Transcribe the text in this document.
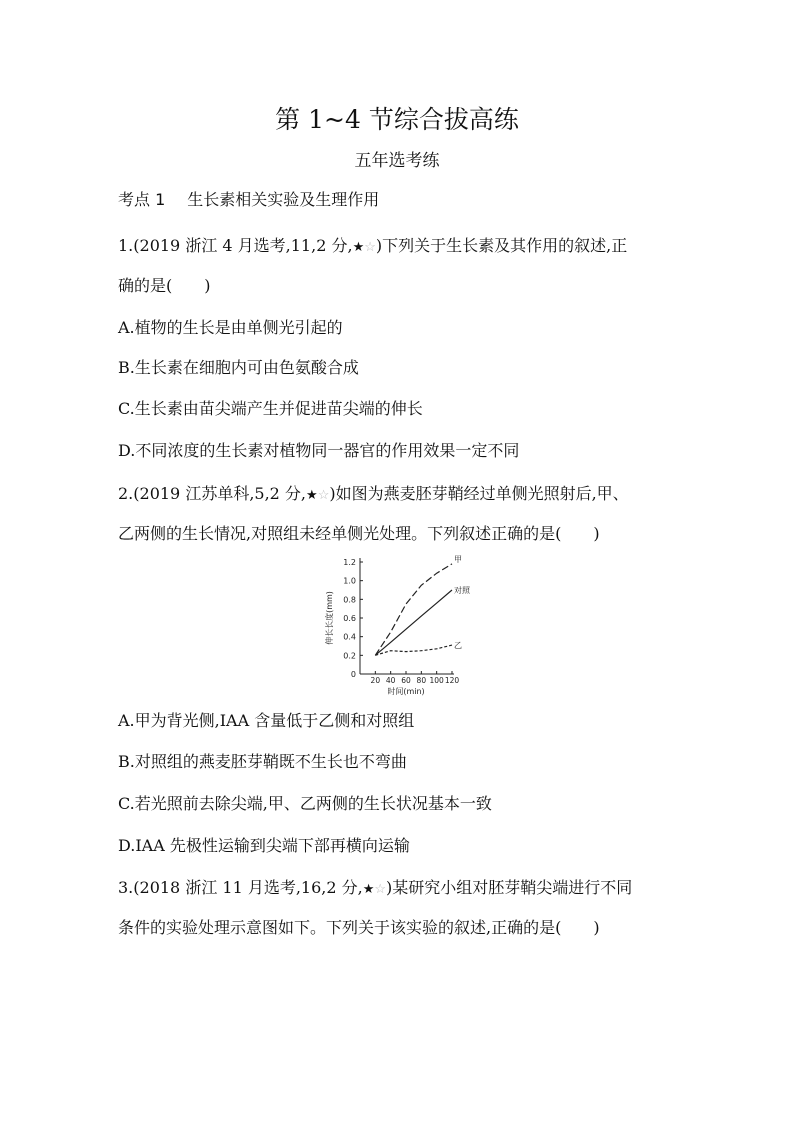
第 1~4 节综合拔高练
五年选考练
考点 1 生长素相关实验及生理作用
1.(2019 浙江 4 月选考,11,2 分,★☆)下列关于生长素及其作用的叙述,正
确的是( )
A.植物的生长是由单侧光引起的
B.生长素在细胞内可由色氨酸合成
C.生长素由苗尖端产生并促进苗尖端的伸长
D.不同浓度的生长素对植物同一器官的作用效果一定不同
2.(2019 江苏单科,5,2 分,★☆)如图为燕麦胚芽鞘经过单侧光照射后,甲、
乙两侧的生长情况,对照组未经单侧光处理。下列叙述正确的是( )
0
0.2
0.4
0.6
0.8
1.0
1.2
20 40 60 80 100 120
时间(min)
伸长长度(mm)
甲
对照
乙
A.甲为背光侧,IAA 含量低于乙侧和对照组
B.对照组的燕麦胚芽鞘既不生长也不弯曲
C.若光照前去除尖端,甲、乙两侧的生长状况基本一致
D.IAA 先极性运输到尖端下部再横向运输
3.(2018 浙江 11 月选考,16,2 分,★☆)某研究小组对胚芽鞘尖端进行不同
条件的实验处理示意图如下。下列关于该实验的叙述,正确的是( )
